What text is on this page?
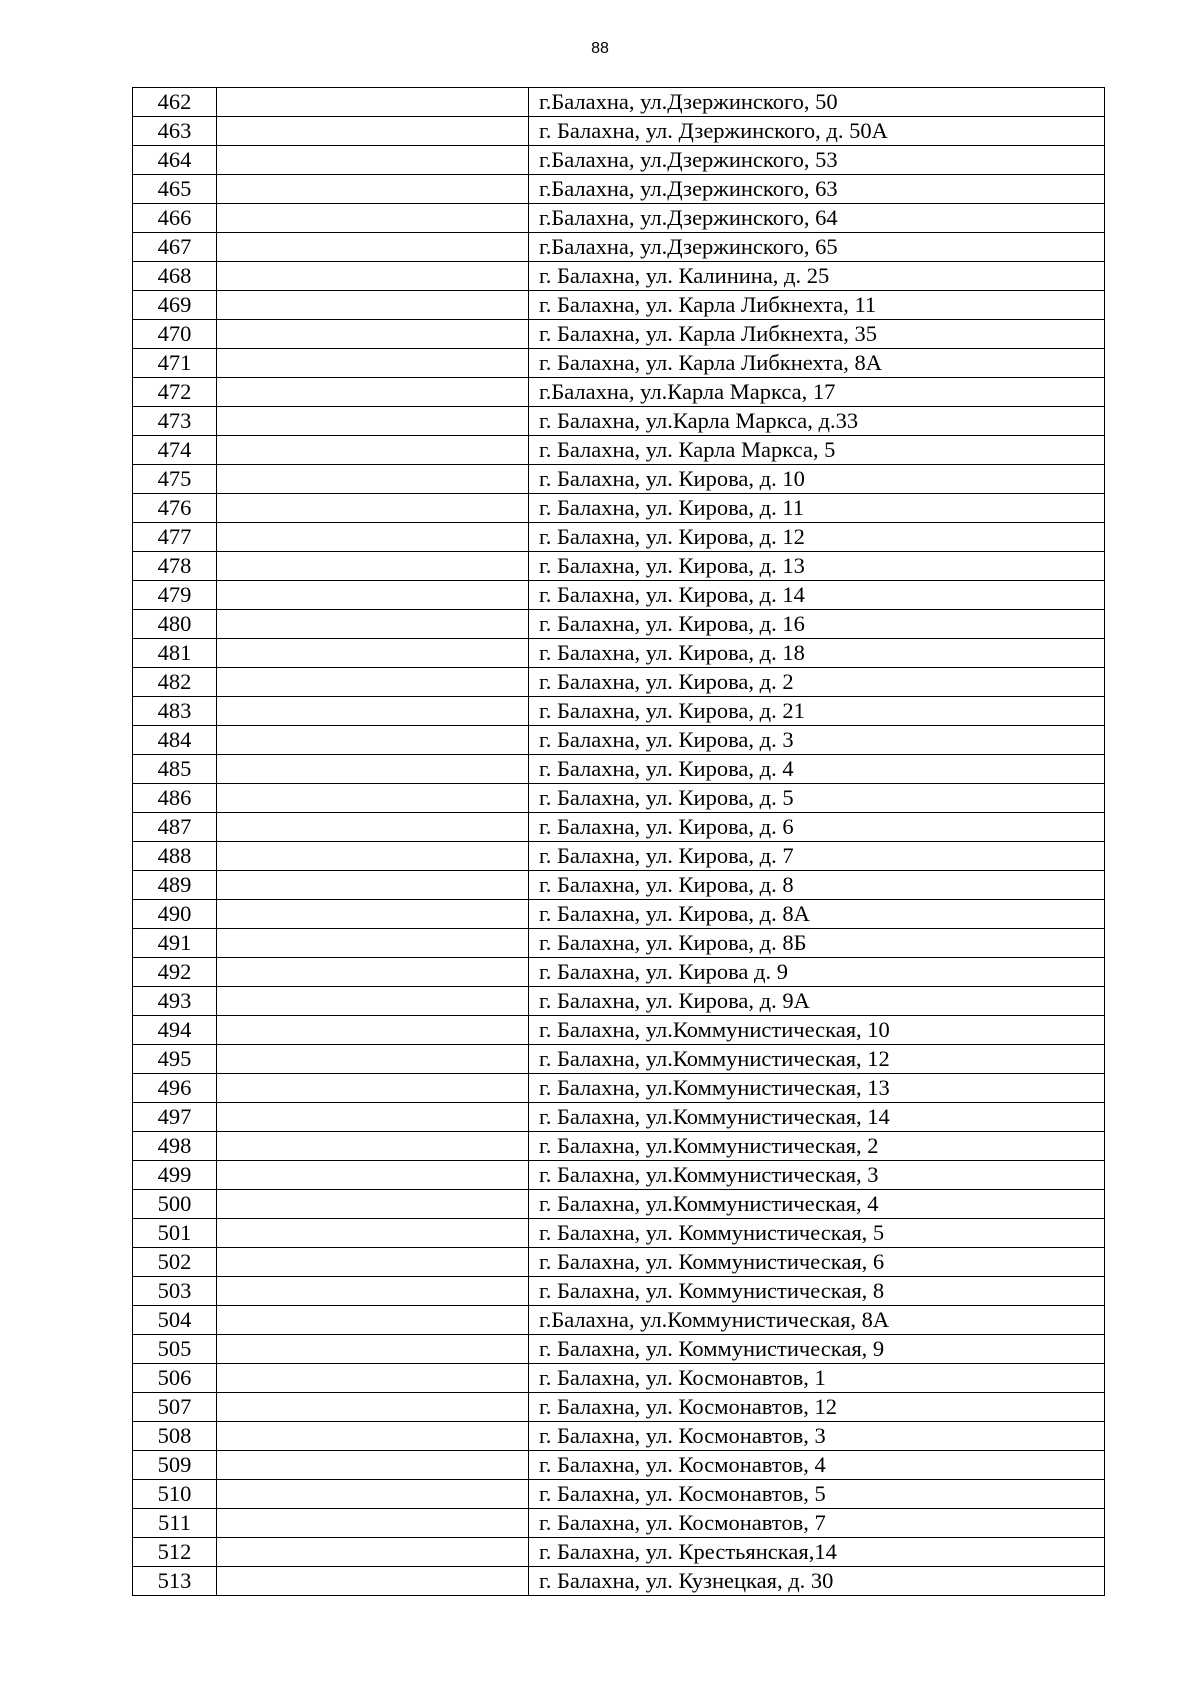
88
462		г.Балахна, ул.Дзержинского, 50
463		г. Балахна, ул. Дзержинского, д. 50А
464		г.Балахна, ул.Дзержинского, 53
465		г.Балахна, ул.Дзержинского, 63
466		г.Балахна, ул.Дзержинского, 64
467		г.Балахна, ул.Дзержинского, 65
468		г. Балахна, ул. Калинина, д. 25
469		г. Балахна, ул. Карла Либкнехта, 11
470		г. Балахна, ул. Карла Либкнехта, 35
471		г. Балахна, ул. Карла Либкнехта, 8А
472		г.Балахна, ул.Карла Маркса, 17
473		г. Балахна, ул.Карла Маркса, д.33
474		г. Балахна, ул. Карла Маркса, 5
475		г. Балахна, ул. Кирова, д. 10
476		г. Балахна, ул. Кирова, д. 11
477		г. Балахна, ул. Кирова, д. 12
478		г. Балахна, ул. Кирова, д. 13
479		г. Балахна, ул. Кирова, д. 14
480		г. Балахна, ул. Кирова, д. 16
481		г. Балахна, ул. Кирова, д. 18
482		г. Балахна, ул. Кирова, д. 2
483		г. Балахна, ул. Кирова, д. 21
484		г. Балахна, ул. Кирова, д. 3
485		г. Балахна, ул. Кирова, д. 4
486		г. Балахна, ул. Кирова, д. 5
487		г. Балахна, ул. Кирова, д. 6
488		г. Балахна, ул. Кирова, д. 7
489		г. Балахна, ул. Кирова, д. 8
490		г. Балахна, ул. Кирова, д. 8А
491		г. Балахна, ул. Кирова, д. 8Б
492		г. Балахна, ул. Кирова д. 9
493		г. Балахна, ул. Кирова, д. 9А
494		г. Балахна, ул.Коммунистическая, 10
495		г. Балахна, ул.Коммунистическая, 12
496		г. Балахна, ул.Коммунистическая, 13
497		г. Балахна, ул.Коммунистическая, 14
498		г. Балахна, ул.Коммунистическая, 2
499		г. Балахна, ул.Коммунистическая, 3
500		г. Балахна, ул.Коммунистическая, 4
501		г. Балахна, ул. Коммунистическая, 5
502		г. Балахна, ул. Коммунистическая, 6
503		г. Балахна, ул. Коммунистическая, 8
504		г.Балахна, ул.Коммунистическая, 8А
505		г. Балахна, ул. Коммунистическая, 9
506		г. Балахна, ул. Космонавтов, 1
507		г. Балахна, ул. Космонавтов, 12
508		г. Балахна, ул. Космонавтов, 3
509		г. Балахна, ул. Космонавтов, 4
510		г. Балахна, ул. Космонавтов, 5
511		г. Балахна, ул. Космонавтов, 7
512		г. Балахна, ул. Крестьянская,14
513		г. Балахна, ул. Кузнецкая, д. 30
